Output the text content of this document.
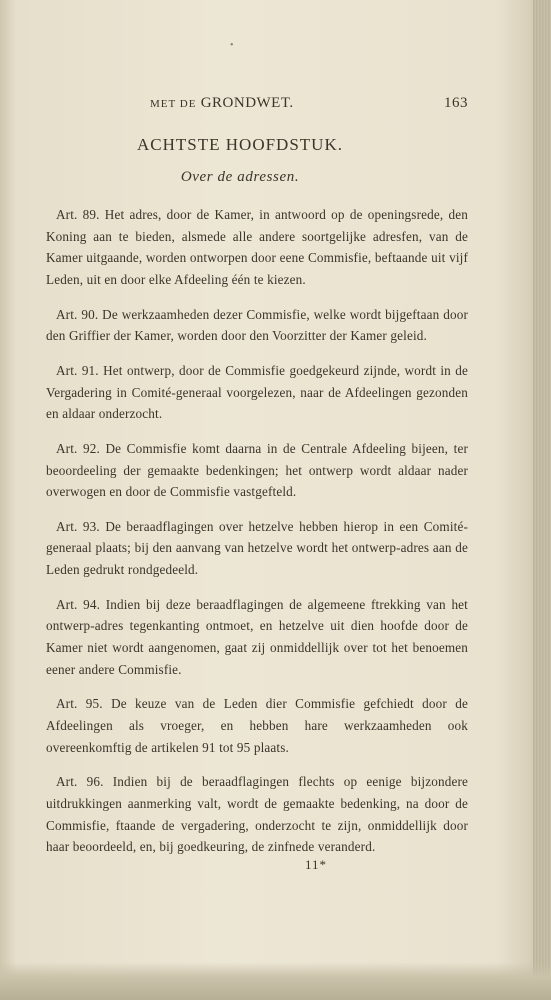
•
MET DE GRONDWET.	163
ACHTSTE HOOFDSTUK.
Over de adressen.

Art. 89. Het adres, door de Kamer, in antwoord op de openingsrede, den Koning aan te bieden, alsmede alle andere soortgelijke adresfen, van de Kamer uitgaande, worden ontworpen door eene Commisfie, beftaande uit vijf Leden, uit en door elke Afdeeling één te kiezen.

Art. 90. De werkzaamheden dezer Commisfie, welke wordt bijgeftaan door den Griffier der Kamer, worden door den Voorzitter der Kamer geleid.

Art. 91. Het ontwerp, door de Commisfie goedgekeurd zijnde, wordt in de Vergadering in Comité-generaal voorgelezen, naar de Afdeelingen gezonden en aldaar onderzocht.

Art. 92. De Commisfie komt daarna in de Centrale Afdeeling bijeen, ter beoordeeling der gemaakte bedenkingen; het ontwerp wordt aldaar nader overwogen en door de Commisfie vastgefteld.

Art. 93. De beraadflagingen over hetzelve hebben hierop in een Comité-generaal plaats; bij den aanvang van hetzelve wordt het ontwerp-adres aan de Leden gedrukt rondgedeeld.

Art. 94. Indien bij deze beraadflagingen de algemeene ftrekking van het ontwerp-adres tegenkanting ontmoet, en hetzelve uit dien hoofde door de Kamer niet wordt aangenomen, gaat zij onmiddellijk over tot het benoemen eener andere Commisfie.

Art. 95. De keuze van de Leden dier Commisfie gefchiedt door de Afdeelingen als vroeger, en hebben hare werkzaamheden ook overeenkomftig de artikelen 91 tot 95 plaats.

Art. 96. Indien bij de beraadflagingen flechts op eenige bijzondere uitdrukkingen aanmerking valt, wordt de gemaakte bedenking, na door de Commisfie, ftaande de vergadering, onderzocht te zijn, onmiddellijk door haar beoordeeld, en, bij goedkeuring, de zinfnede veranderd.

11*
